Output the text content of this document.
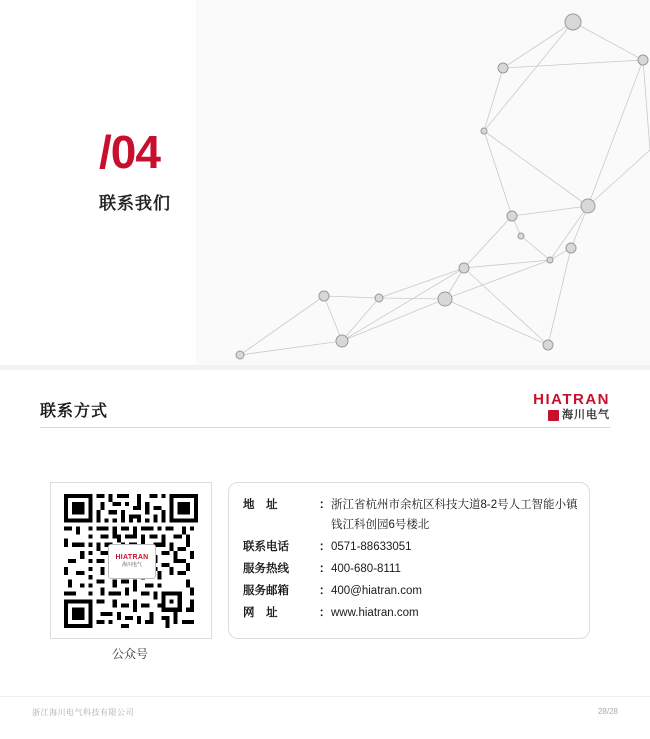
/04
联系我们
联系方式
HIATRAN
海川电气
HIATRAN
海川电气
公众号
地　址	： 浙江省杭州市余杭区科技大道8-2号人工智能小镇
钱江科创园6号楼北
联系电话	： 0571-88633051
服务热线	： 400-680-8111
服务邮箱	： 400@hiatran.com
网　址	： www.hiatran.com
浙江海川电气科技有限公司	28/28
